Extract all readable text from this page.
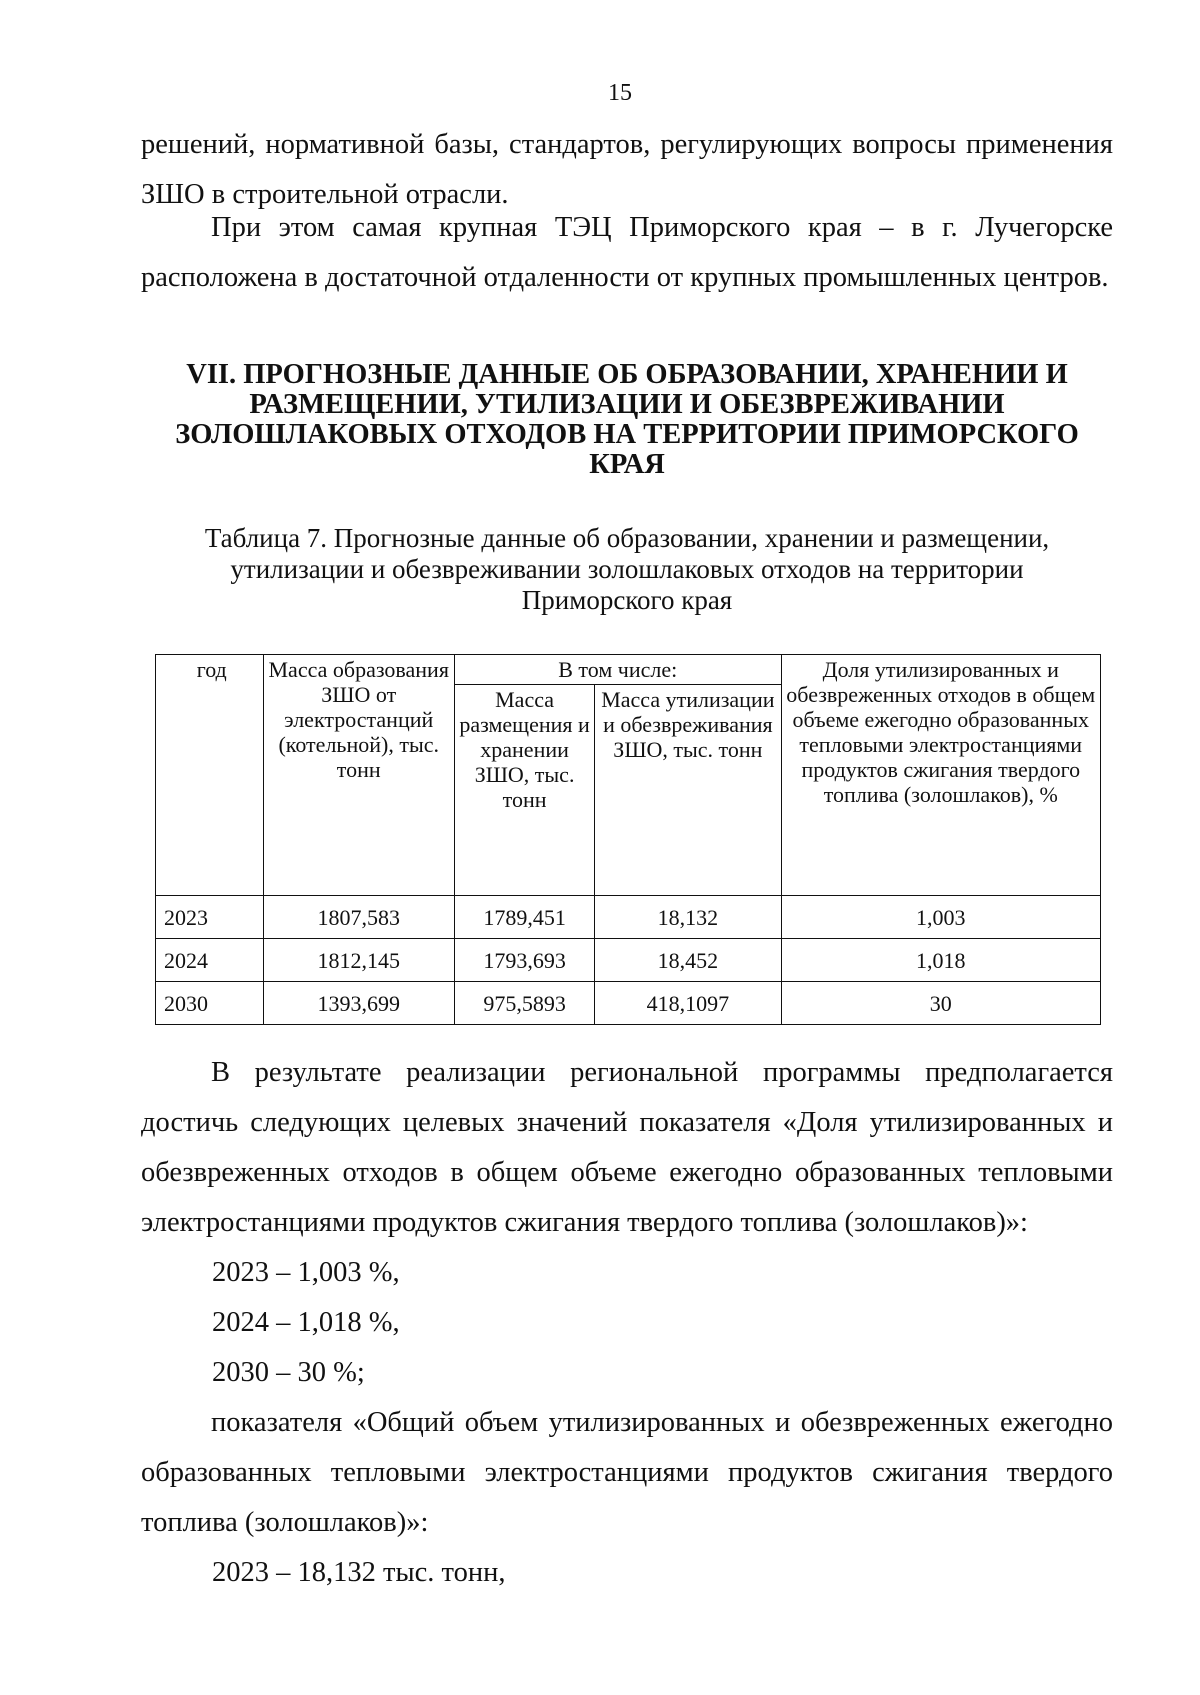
15

решений, нормативной базы, стандартов, регулирующих вопросы применения ЗШО в строительной отрасли.

При этом самая крупная ТЭЦ Приморского края – в г. Лучегорске расположена в достаточной отдаленности от крупных промышленных центров.

VII. ПРОГНОЗНЫЕ ДАННЫЕ ОБ ОБРАЗОВАНИИ, ХРАНЕНИИ И
РАЗМЕЩЕНИИ, УТИЛИЗАЦИИ И ОБЕЗВРЕЖИВАНИИ
ЗОЛОШЛАКОВЫХ ОТХОДОВ НА ТЕРРИТОРИИ ПРИМОРСКОГО
КРАЯ
Таблица 7. Прогнозные данные об образовании, хранении и размещении,
утилизации и обезвреживании золошлаковых отходов на территории
Приморского края
год	Масса образования ЗШО от электростанций (котельной), тыс. тонн	В том числе:		Доля утилизированных и обезвреженных отходов в общем объеме ежегодно образованных тепловыми электростанциями продуктов сжигания твердого топлива (золошлаков), %
		Масса размещения и хранении ЗШО, тыс. тонн	Масса утилизации и обезвреживания ЗШО, тыс. тонн	
2023	1807,583	1789,451	18,132	1,003
2024	1812,145	1793,693	18,452	1,018
2030	1393,699	975,5893	418,1097	30

В результате реализации региональной программы предполагается достичь следующих целевых значений показателя «Доля утилизированных и обезвреженных отходов в общем объеме ежегодно образованных тепловыми электростанциями продуктов сжигания твердого топлива (золошлаков)»:

2023 – 1,003 %,

2024 – 1,018 %,

2030 – 30 %;

показателя «Общий объем утилизированных и обезвреженных ежегодно образованных тепловыми электростанциями продуктов сжигания твердого топлива (золошлаков)»:

2023 – 18,132 тыс. тонн,
